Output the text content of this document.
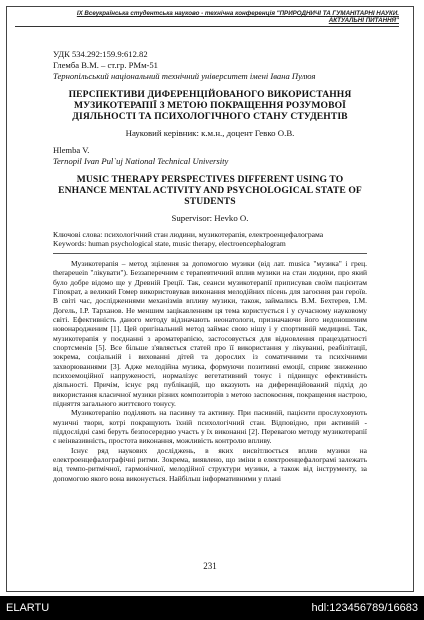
IX Всеукраїнська студентська науково - технічна конференція "ПРИРОДНИЧІ ТА ГУМАНІТАРНІ НАУКИ.
АКТУАЛЬНІ ПИТАННЯ"
УДК 534.292:159.9:612.82
Глемба В.М. – ст.гр. РМм-51
Тернопільський національний технічний університет імені Івана Пулюя
ПЕРСПЕКТИВИ ДИФЕРЕНЦІЙОВАНОГО ВИКОРИСТАННЯ МУЗИКОТЕРАПІЇ З МЕТОЮ ПОКРАЩЕННЯ РОЗУМОВОЇ ДІЯЛЬНОСТІ ТА ПСИХОЛОГІЧНОГО СТАНУ СТУДЕНТІВ
Науковий керівник: к.м.н., доцент Гевко О.В.
Hlemba V.
Ternopil Ivan Pul`uj National Technical University
MUSIC THERAPY PERSPECTIVES DIFFERENT USING TO ENHANCE MENTAL ACTIVITY AND PSYCHOLOGICAL STATE OF STUDENTS
Supervisor: Hevko O.
Ключові слова: психологічний стан людини, музикотерапія, електроенцефалограма
Keywords: human psychological state, music therapy, electroencephalogram

Музикотерапія – метод зцілення за допомогою музики (від лат. musica "музика" і грец. therapeuein "лікувати"). Беззаперечним є терапевтичний вплив музики на стан людини, про який було добре відомо ще у Древній Греції. Так, сеанси музикотерапії приписував своїм пацієнтам Гіпократ, а великий Гомер використовував виконання мелодійних пісень для загоєння ран героїв. В світі час, дослідженнями механізмів впливу музики, також, займались В.М. Бехтерев, І.М. Догель, І.Р. Тарханов. Не меншим зацікавленням ця тема користується і у сучасному науковому світі. Ефективність даного методу відзначають неонатологи, призначаючи його недоношеним новонародженим [1]. Цей оригінальний метод займає свою нішу і у спортивній медицині. Так, музикотерапія у поєднанні з ароматерапією, застосовується для відновлення працездатності спортсменів [5]. Все більше з'являється статей про її використання у лікуванні, реабілітації, зокрема, соціальній і вихованні дітей та дорослих із соматичними та психічними захворюваннями [3]. Адже мелодійна музика, формуючи позитивні емоції, сприяє зниженню психоемоційної напруженості, нормалізує вегетативний тонус і підвищує ефективність діяльності. Причім, існує ряд публікацій, що вказують на диференційований підхід до використання класичної музики різних композиторів з метою заспокоєння, покращення настрою, підняття загального життєвого тонусу.

Музикотерапію поділяють на пасивну та активну. При пасивній, пацієнти прослуховують музичні твори, котрі покращують їхній психологічний стан. Відповідно, при активній - піддослідні самі беруть безпосередню участь у їх виконанні [2]. Перевагою методу музикотерапії є неінвазивність, простота виконання, можливість контролю впливу.

Існує ряд наукових досліджень, в яких висвітлюється вплив музики на електроенцефалографічні ритми. Зокрема, виявлено, що зміни в електроенцефалограмі залежать від темпо-ритмічної, гармонічної, мелодійної структури музики, а також від інструменту, за допомогою якого вона виконується. Найбільш інформативними у плані

231
ELARTU	hdl:123456789/16683
